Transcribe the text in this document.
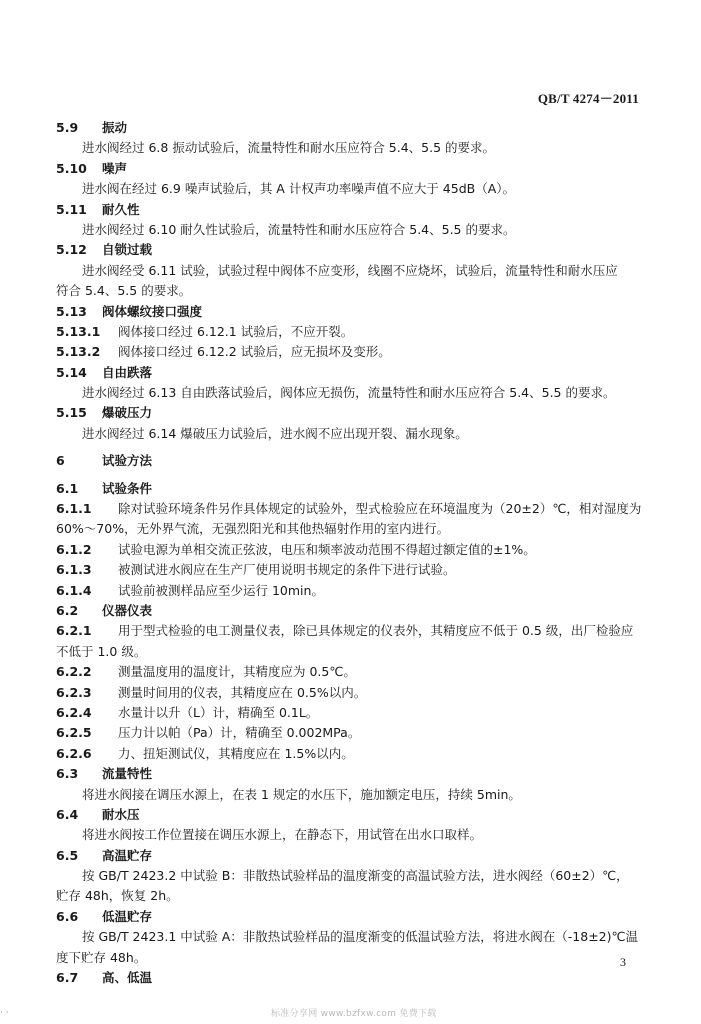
QB/T 4274－2011
5.9 振动
进水阀经过 6.8 振动试验后，流量特性和耐水压应符合 5.4、5.5 的要求。
5.10 噪声
进水阀在经过 6.9 噪声试验后，其 A 计权声功率噪声值不应大于 45dB（A）。
5.11 耐久性
进水阀经过 6.10 耐久性试验后，流量特性和耐水压应符合 5.4、5.5 的要求。
5.12 自锁过载
进水阀经受 6.11 试验，试验过程中阀体不应变形，线圈不应烧坏，试验后，流量特性和耐水压应
符合 5.4、5.5 的要求。
5.13 阀体螺纹接口强度
5.13.1 阀体接口经过 6.12.1 试验后，不应开裂。
5.13.2 阀体接口经过 6.12.2 试验后，应无损坏及变形。
5.14 自由跌落
进水阀经过 6.13 自由跌落试验后，阀体应无损伤，流量特性和耐水压应符合 5.4、5.5 的要求。
5.15 爆破压力
进水阀经过 6.14 爆破压力试验后，进水阀不应出现开裂、漏水现象。
6	试验方法
6.1 试验条件
6.1.1 除对试验环境条件另作具体规定的试验外，型式检验应在环境温度为（20±2）℃，相对湿度为
60%～70%，无外界气流，无强烈阳光和其他热辐射作用的室内进行。
6.1.2 试验电源为单相交流正弦波，电压和频率波动范围不得超过额定值的±1%。
6.1.3 被测试进水阀应在生产厂使用说明书规定的条件下进行试验。
6.1.4 试验前被测样品应至少运行 10min。
6.2 仪器仪表
6.2.1 用于型式检验的电工测量仪表，除已具体规定的仪表外，其精度应不低于 0.5 级，出厂检验应
不低于 1.0 级。
6.2.2 测量温度用的温度计，其精度应为 0.5℃。
6.2.3 测量时间用的仪表，其精度应在 0.5%以内。
6.2.4 水量计以升（L）计，精确至 0.1L。
6.2.5 压力计以帕（Pa）计，精确至 0.002MPa。
6.2.6 力、扭矩测试仪，其精度应在 1.5%以内。
6.3 流量特性
将进水阀接在调压水源上，在表 1 规定的水压下，施加额定电压，持续 5min。
6.4 耐水压
将进水阀按工作位置接在调压水源上，在静态下，用试管在出水口取样。
6.5 高温贮存
按 GB/T 2423.2 中试验 B：非散热试验样品的温度渐变的高温试验方法，进水阀经（60±2）℃，
贮存 48h，恢复 2h。
6.6 低温贮存
按 GB/T 2423.1 中试验 A：非散热试验样品的温度渐变的低温试验方法，将进水阀在（-18±2)℃温
度下贮存 48h。
6.7 高、低温
3
· ·	标准分享网 www.bzfxw.com 免费下载
